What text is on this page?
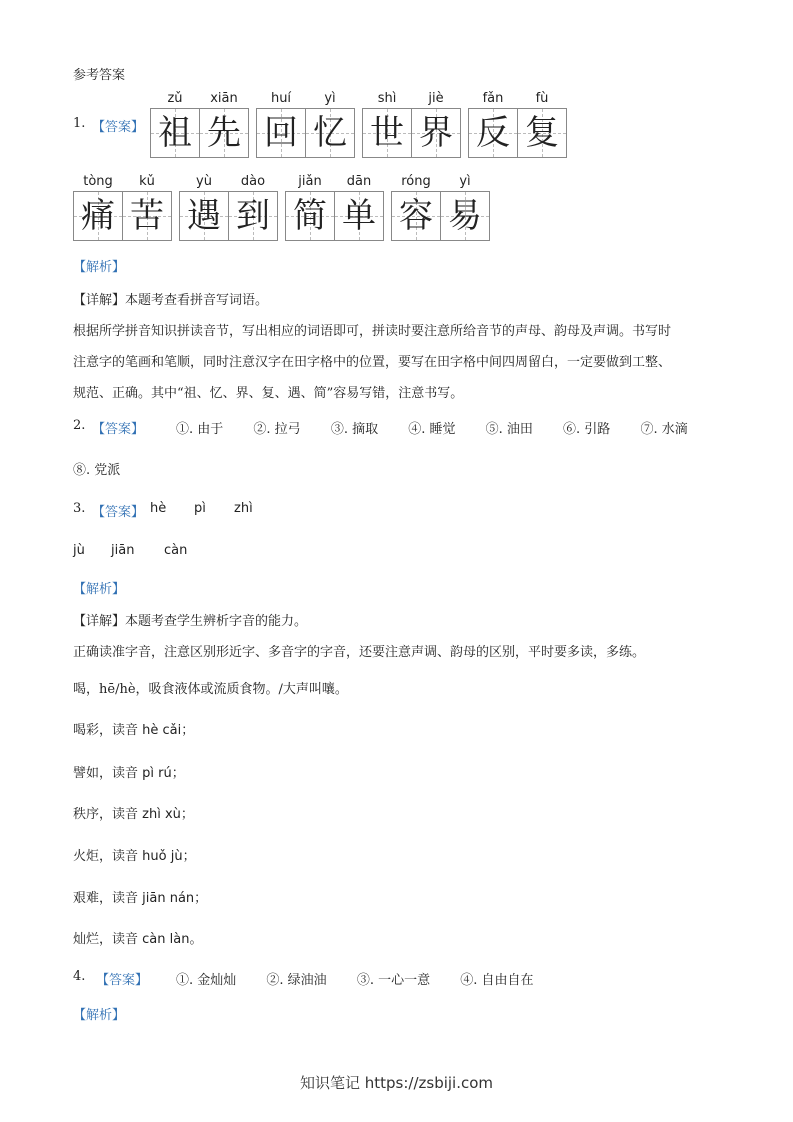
参考答案
1. 【答案】
zǔ
祖
xiān
先
huí
回
yì
忆
shì
世
jiè
界
fǎn
反
fù
复
tòng
痛
kǔ
苦
yù
遇
dào
到
jiǎn
简
dān
单
róng
容
yì
易
【解析】
【详解】本题考查看拼音写词语。
根据所学拼音知识拼读音节，写出相应的词语即可，拼读时要注意所给音节的声母、韵母及声调。书写时
注意字的笔画和笔顺，同时注意汉字在田字格中的位置，要写在田字格中间四周留白，一定要做到工整、
规范、正确。其中“祖、忆、界、复、遇、简”容易写错，注意书写。
2. 【答案】 ①. 由于 ②. 拉弓 ③. 摘取 ④. 睡觉 ⑤. 油田 ⑥. 引路 ⑦. 水滴
⑧. 党派
3. 【答案】 hè pì zhì
jù jiān càn
【解析】
【详解】本题考查学生辨析字音的能力。
正确读准字音，注意区别形近字、多音字的字音，还要注意声调、韵母的区别，平时要多读，多练。
喝，hē/hè，吸食液体或流质食物。/大声叫嚷。
喝彩，读音 hè cǎi；
譬如，读音 pì rú；
秩序，读音 zhì xù；
火炬，读音 huǒ jù；
艰难，读音 jiān nán；
灿烂，读音 càn làn。
4. 【答案】 ①. 金灿灿 ②. 绿油油 ③. 一心一意 ④. 自由自在
【解析】
知识笔记 https://zsbiji.com
